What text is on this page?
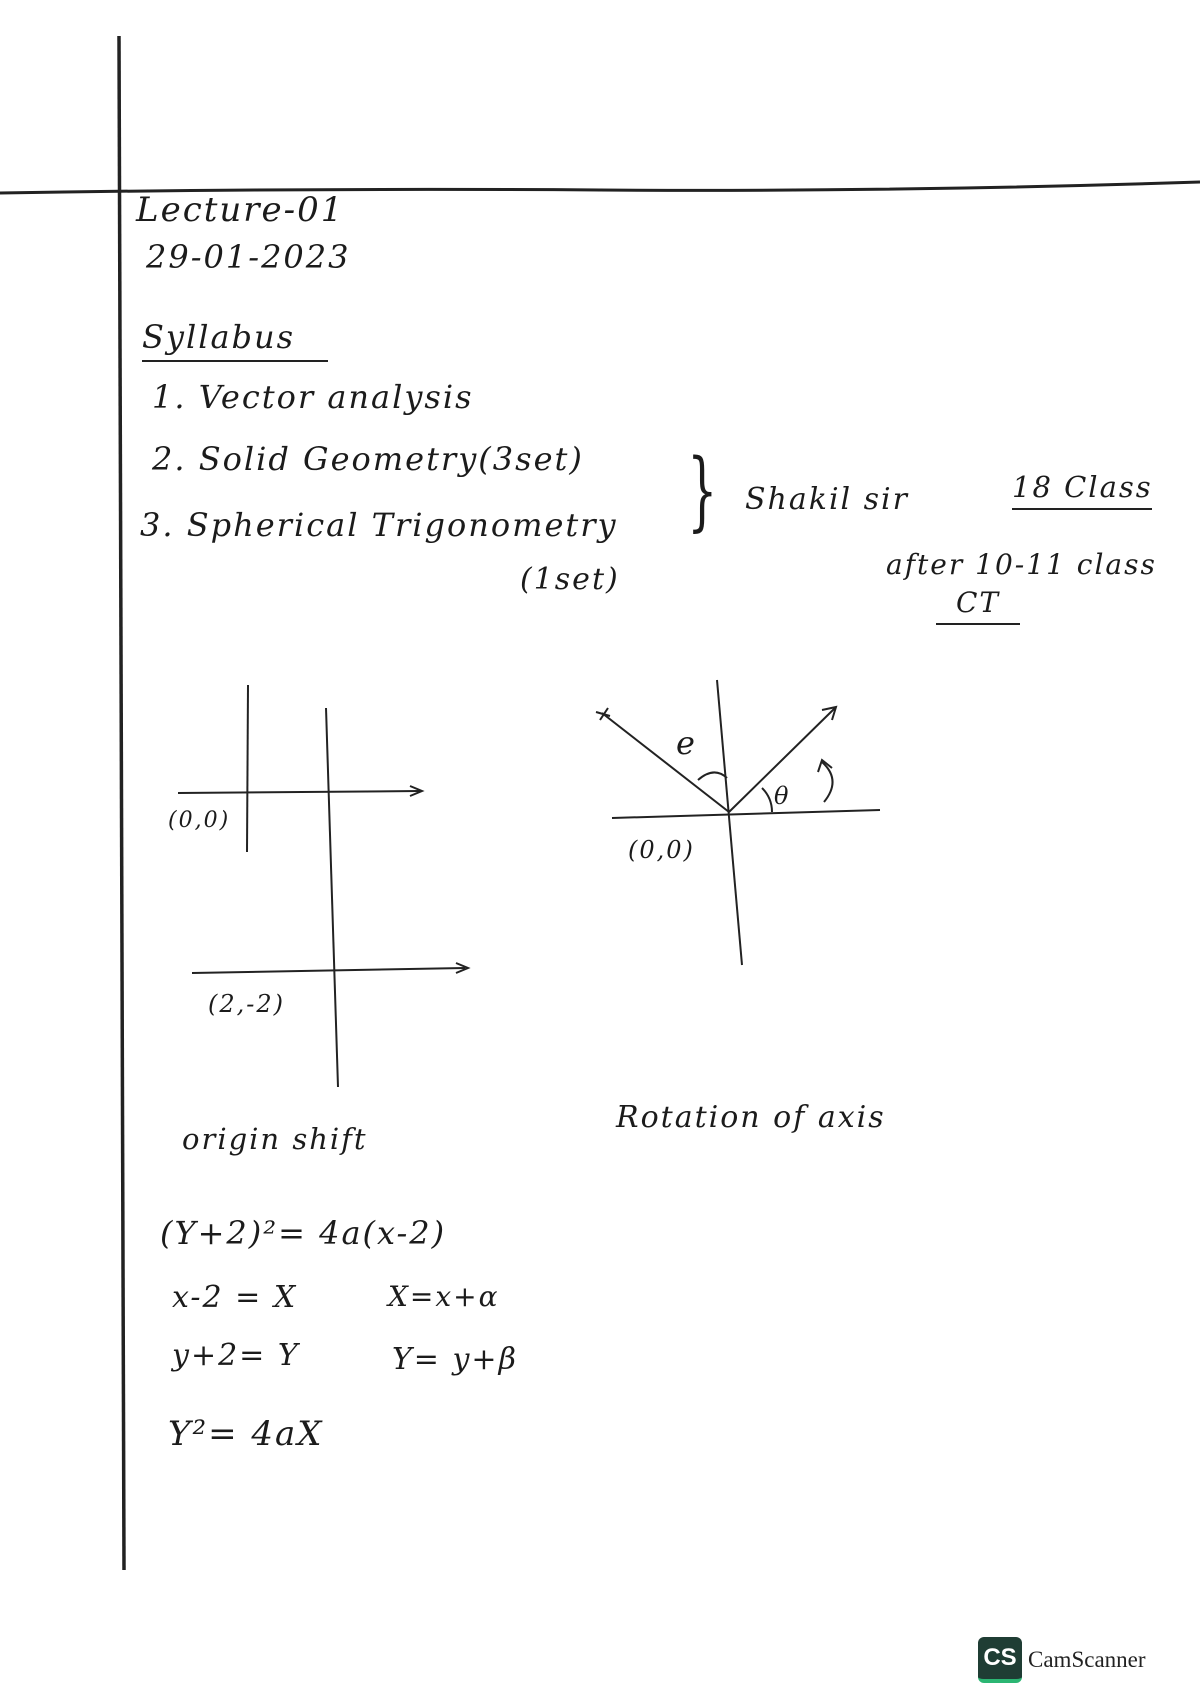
Lecture-01
29-01-2023
Syllabus
1. Vector analysis
2. Solid Geometry(3set)
3. Spherical Trigonometry
(1set)
} Shakil sir	18 Class
after 10-11 class
CT
(0,0)
(2,-2)
origin shift
e
θ
(0,0)
Rotation of axis
(Y+2)²= 4a(x-2)
x-2 = X	X=x+α
y+2= Y	Y= y+β
Y²= 4aX
CS CamScanner
